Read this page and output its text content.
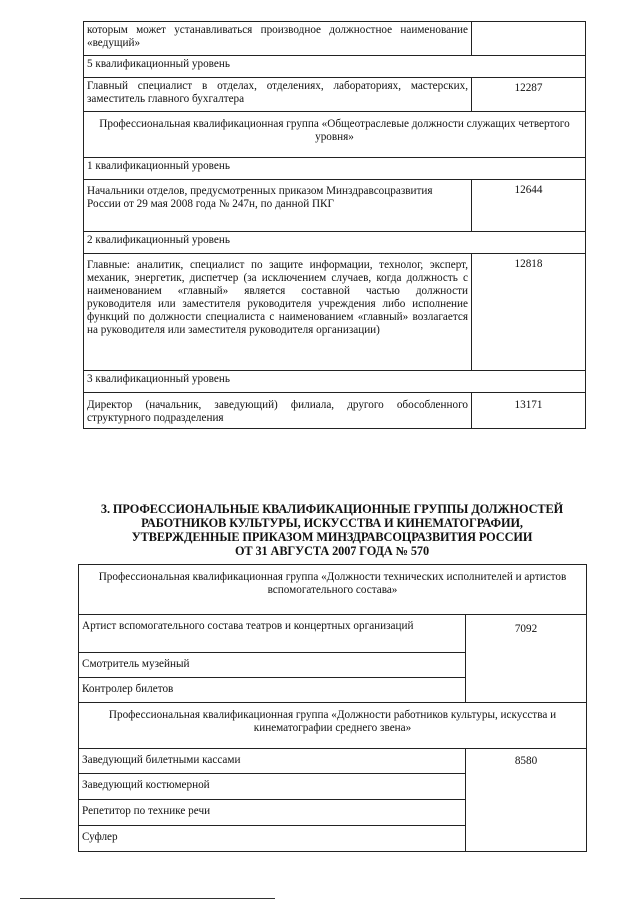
которым может устанавливаться производное должностное наименование «ведущий»	
5 квалификационный уровень	
Главный специалист в отделах, отделениях, лабораториях, мастерских, заместитель главного бухгалтера	12287
Профессиональная квалификационная группа «Общеотраслевые должности служащих четвертого уровня»	
1 квалификационный уровень	
Начальники отделов, предусмотренных приказом Минздравсоцразвития России от 29 мая 2008 года № 247н, по данной ПКГ	12644
2 квалификационный уровень	
Главные: аналитик, специалист по защите информации, технолог, эксперт, механик, энергетик, диспетчер (за исключением случаев, когда должность с наименованием «главный» является составной частью должности руководителя или заместителя руководителя учреждения либо исполнение функций по должности специалиста с наименованием «главный» возлагается на руководителя или заместителя руководителя организации)	12818
3 квалификационный уровень	
Директор (начальник, заведующий) филиала, другого обособленного структурного подразделения	13171
3. ПРОФЕССИОНАЛЬНЫЕ КВАЛИФИКАЦИОННЫЕ ГРУППЫ ДОЛЖНОСТЕЙ
РАБОТНИКОВ КУЛЬТУРЫ, ИСКУССТВА И КИНЕМАТОГРАФИИ,
УТВЕРЖДЕННЫЕ ПРИКАЗОМ МИНЗДРАВСОЦРАЗВИТИЯ РОССИИ
ОТ 31 АВГУСТА 2007 ГОДА № 570
Профессиональная квалификационная группа «Должности технических исполнителей и артистов вспомогательного состава»	
Артист вспомогательного состава театров и концертных организаций	7092
Смотритель музейный	
Контролер билетов	
Профессиональная квалификационная группа «Должности работников культуры, искусства и кинематографии среднего звена»	
Заведующий билетными кассами	8580
Заведующий костюмерной	
Репетитор по технике речи	
Суфлер	
